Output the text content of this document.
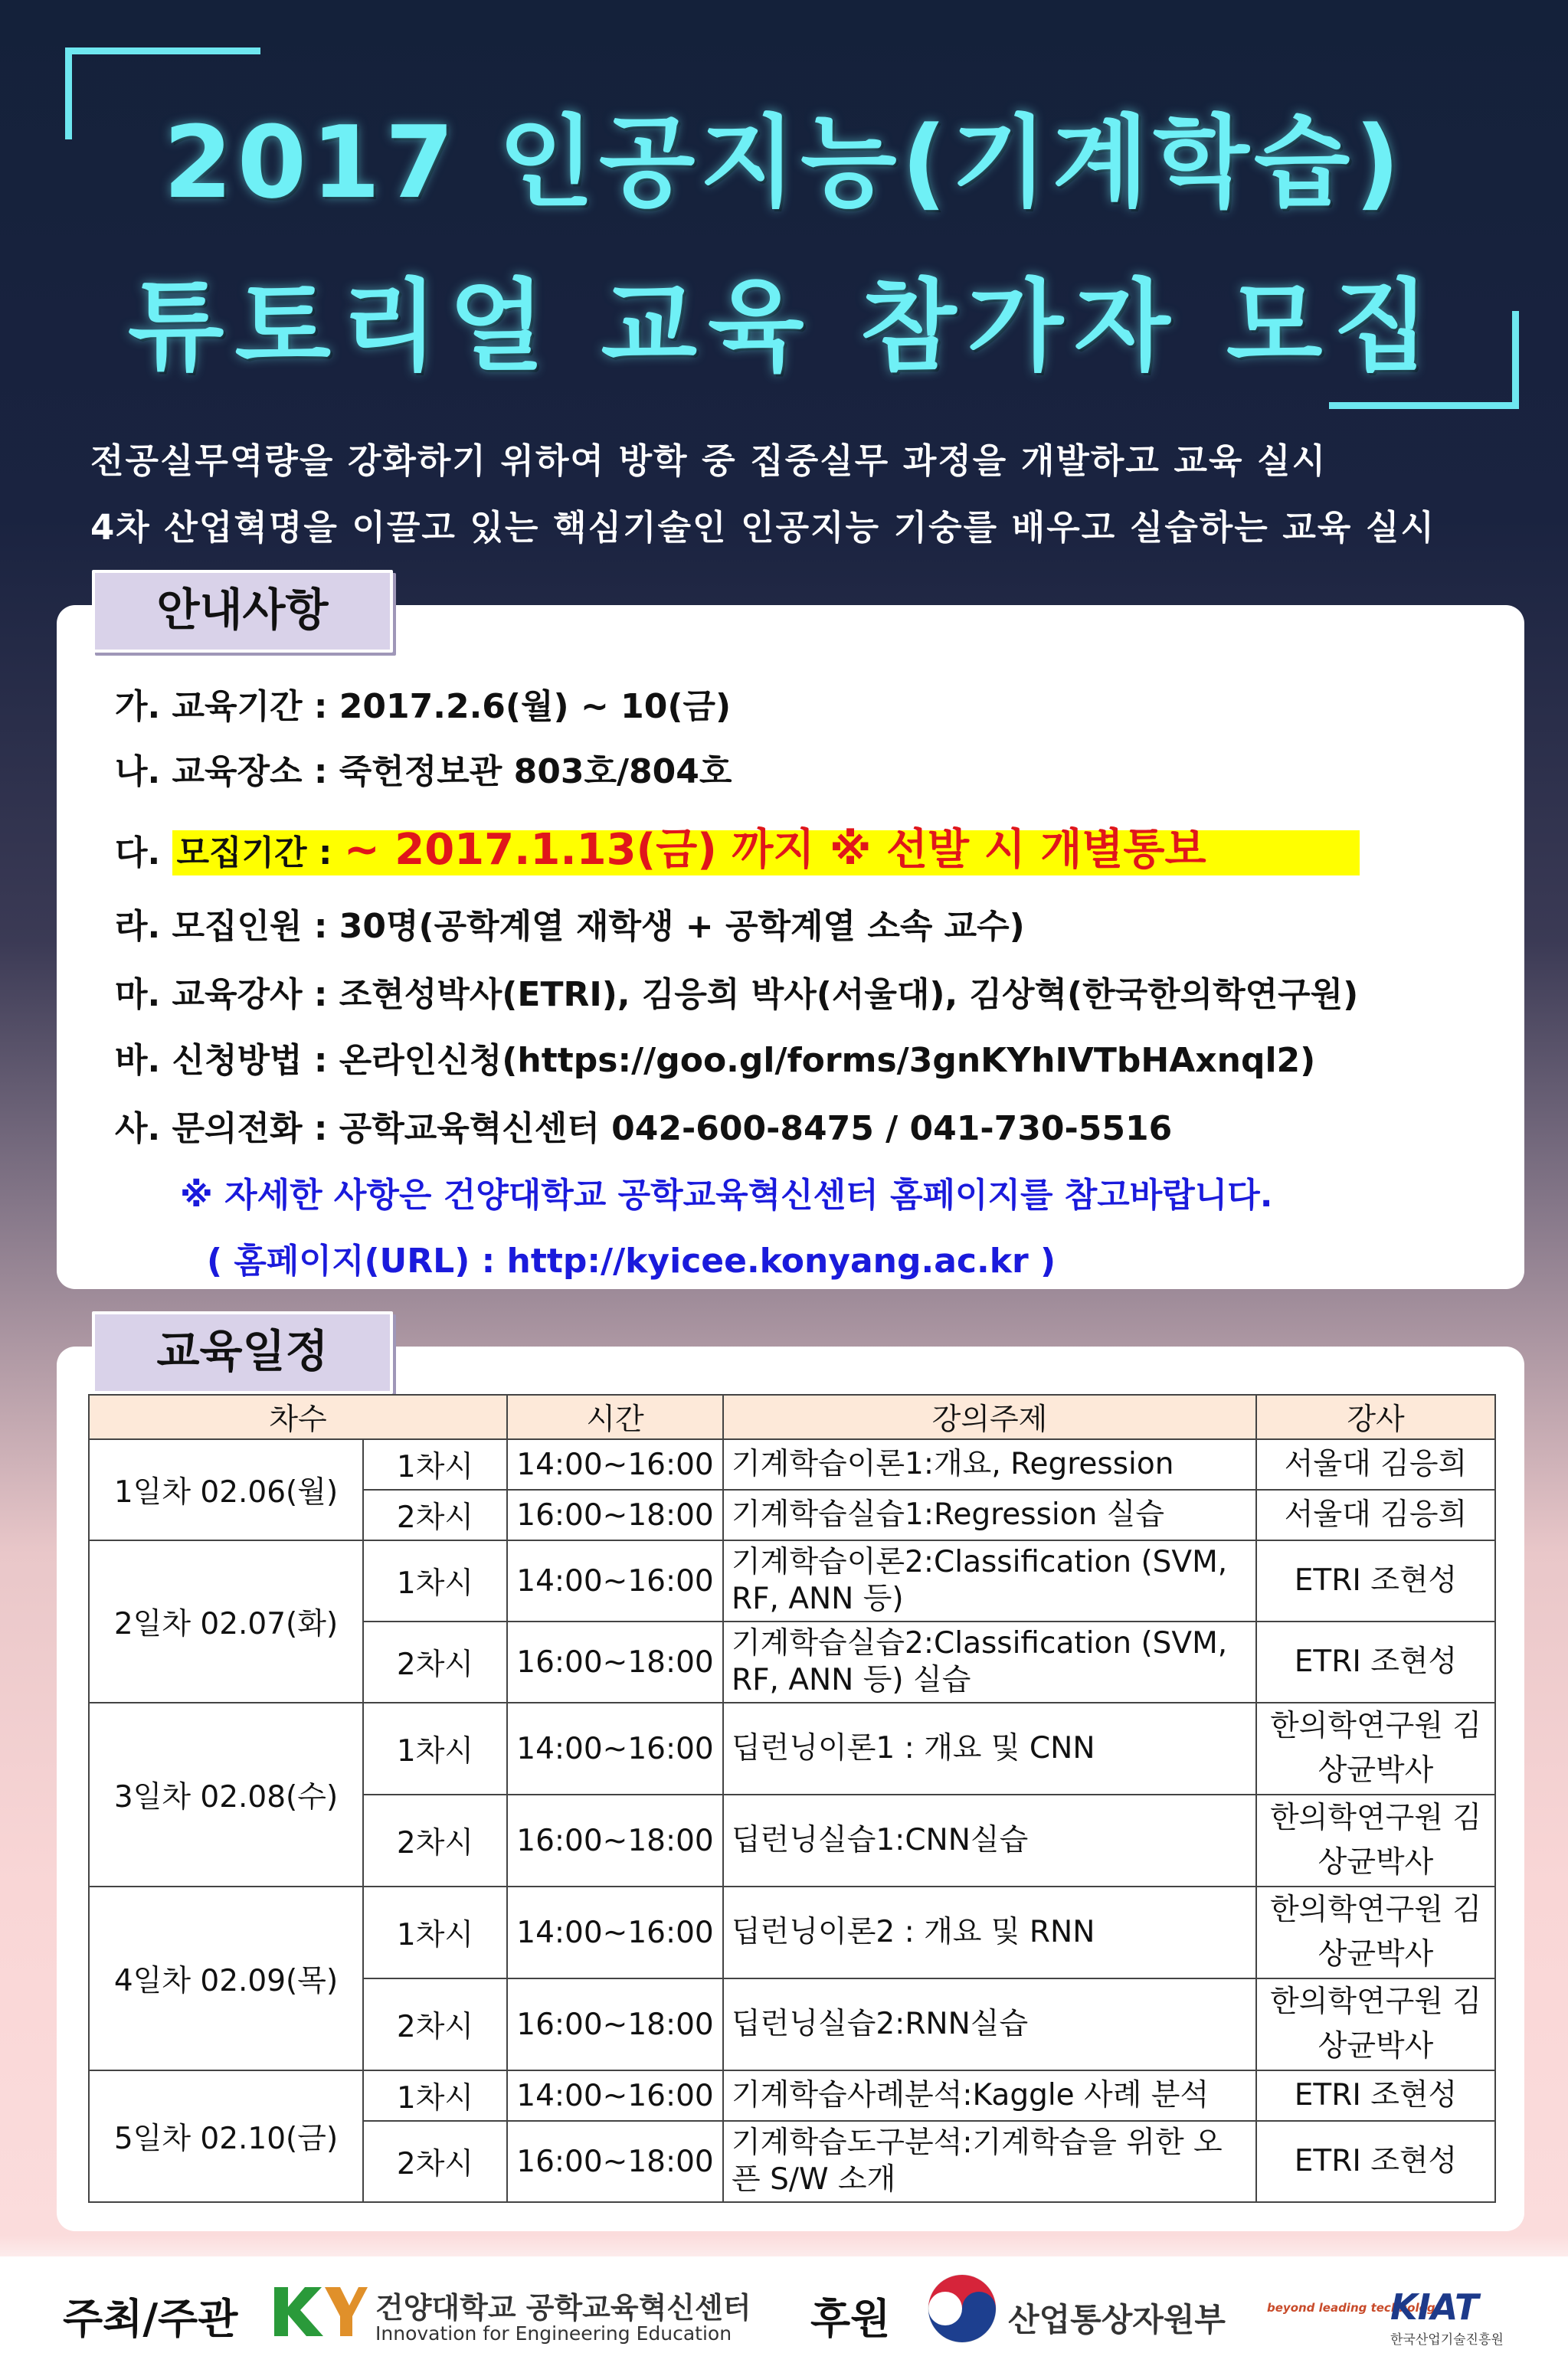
2017 인공지능(기계학습)
튜토리얼 교육 참가자 모집
전공실무역량을 강화하기 위하여 방학 중 집중실무 과정을 개발하고 교육 실시
4차 산업혁명을 이끌고 있는 핵심기술인 인공지능 기숭를 배우고 실습하는 교육 실시
안내사항
가. 교육기간 : 2017.2.6(월) ~ 10(금)
나. 교육장소 : 죽헌정보관 803호/804호
다. 모집기간 : ~ 2017.1.13(금) 까지 ※ 선발 시 개별통보
라. 모집인원 : 30명(공학계열 재학생 + 공학계열 소속 교수)
마. 교육강사 : 조현성박사(ETRI), 김응희 박사(서울대), 김상혁(한국한의학연구원)
바. 신청방법 : 온라인신청(https://goo.gl/forms/3gnKYhIVTbHAxnql2)
사. 문의전화 : 공학교육혁신센터 042-600-8475 / 041-730-5516
※ 자세한 사항은 건양대학교 공학교육혁신센터 홈페이지를 참고바랍니다.
( 홈페이지(URL) : http://kyicee.konyang.ac.kr )
교육일정
차수		시간	강의주제	강사
1일차 02.06(월)	1차시	14:00~16:00	기계학습이론1:개요, Regression	서울대 김응희
	2차시	16:00~18:00	기계학습실습1:Regression 실습	서울대 김응희
2일차 02.07(화)	1차시	14:00~16:00	기계학습이론2:Classification (SVM, RF, ANN 등)	ETRI 조현성
	2차시	16:00~18:00	기계학습실습2:Classification (SVM, RF, ANN 등) 실습	ETRI 조현성
3일차 02.08(수)	1차시	14:00~16:00	딥런닝이론1 : 개요 및 CNN	한의학연구원 김상균박사
	2차시	16:00~18:00	딥런닝실습1:CNN실습	한의학연구원 김상균박사
4일차 02.09(목)	1차시	14:00~16:00	딥런닝이론2 : 개요 및 RNN	한의학연구원 김상균박사
	2차시	16:00~18:00	딥런닝실습2:RNN실습	한의학연구원 김상균박사
5일차 02.10(금)	1차시	14:00~16:00	기계학습사례분석:Kaggle 사례 분석	ETRI 조현성
	2차시	16:00~18:00	기계학습도구분석:기계학습을 위한 오픈 S/W 소개	ETRI 조현성
주최/주관	건양대학교 공학교육혁신센터
Innovation for Engineering Education 후원	산업통상자원부	beyond leading technology
KIAT
한국산업기술진흥원
